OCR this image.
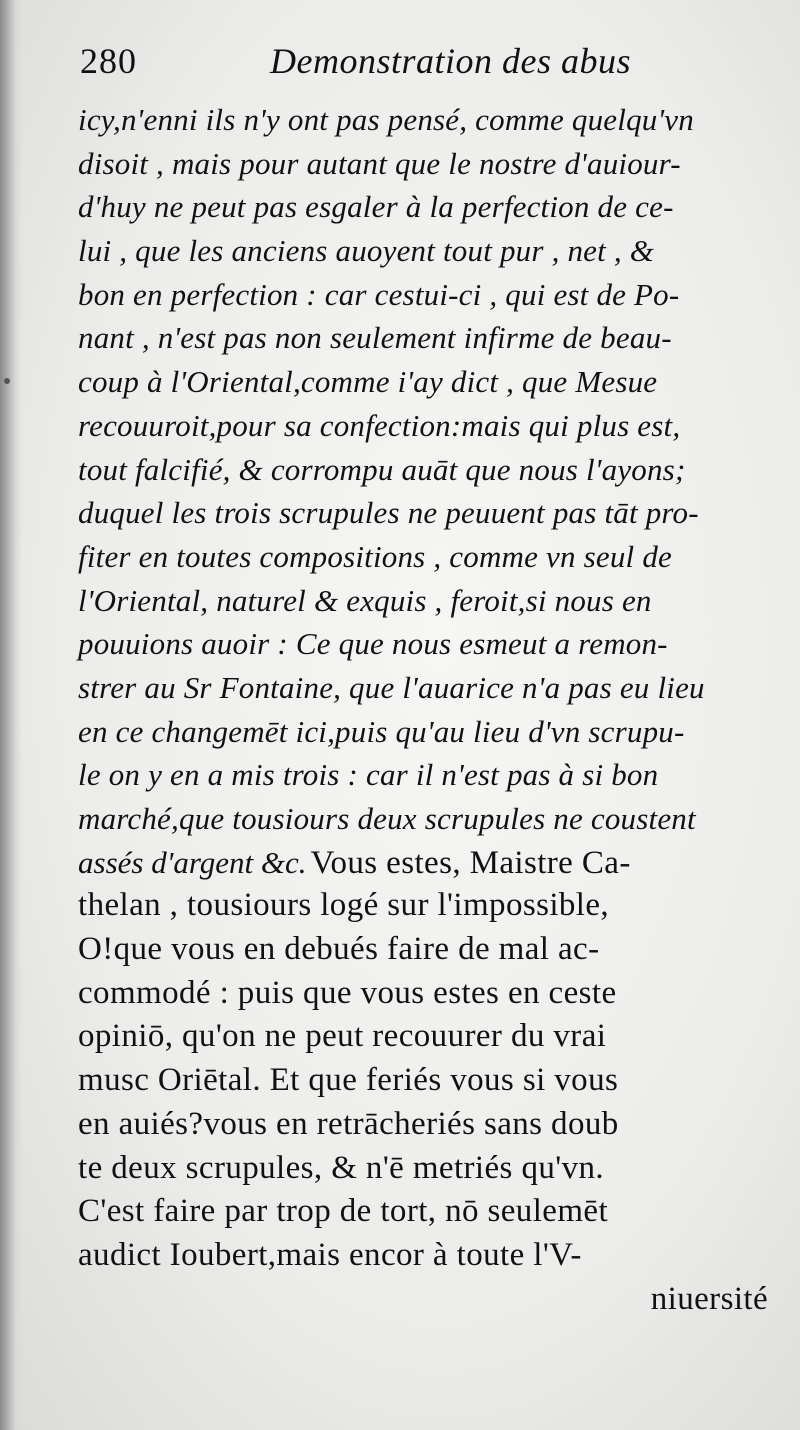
280	Demonstration des abus
icy,n'enni ils n'y ont pas pensé, comme quelqu'vn
disoit , mais pour autant que le nostre d'auiour-
d'huy ne peut pas esgaler à la perfection de ce-
lui , que les anciens auoyent tout pur , net , &
bon en perfection : car cestui-ci , qui est de Po-
nant , n'est pas non seulement infirme de beau-
coup à l'Oriental,comme i'ay dict , que Mesue
recouuroit,pour sa confection:mais qui plus est,
tout falcifié, & corrompu auāt que nous l'ayons;
duquel les trois scrupules ne peuuent pas tāt pro-
fiter en toutes compositions , comme vn seul de
l'Oriental, naturel & exquis , feroit,si nous en
pouuions auoir : Ce que nous esmeut a remon-
strer au Sr Fontaine, que l'auarice n'a pas eu lieu
en ce changemēt ici,puis qu'au lieu d'vn scrupu-
le on y en a mis trois : car il n'est pas à si bon
marché,que tousiours deux scrupules ne coustent
assés d'argent &c. Vous estes, Maistre Ca-
thelan , tousiours logé sur l'impossible,
O!que vous en debués faire de mal ac-
commodé : puis que vous estes en ceste
opiniō, qu'on ne peut recouurer du vrai
musc Oriētal. Et que feriés vous si vous
en auiés?vous en retrācheriés sans doub
te deux scrupules, & n'ē metriés qu'vn.
C'est faire par trop de tort, nō seulemēt
audict Ioubert,mais encor à toute l'V-
niuersité
